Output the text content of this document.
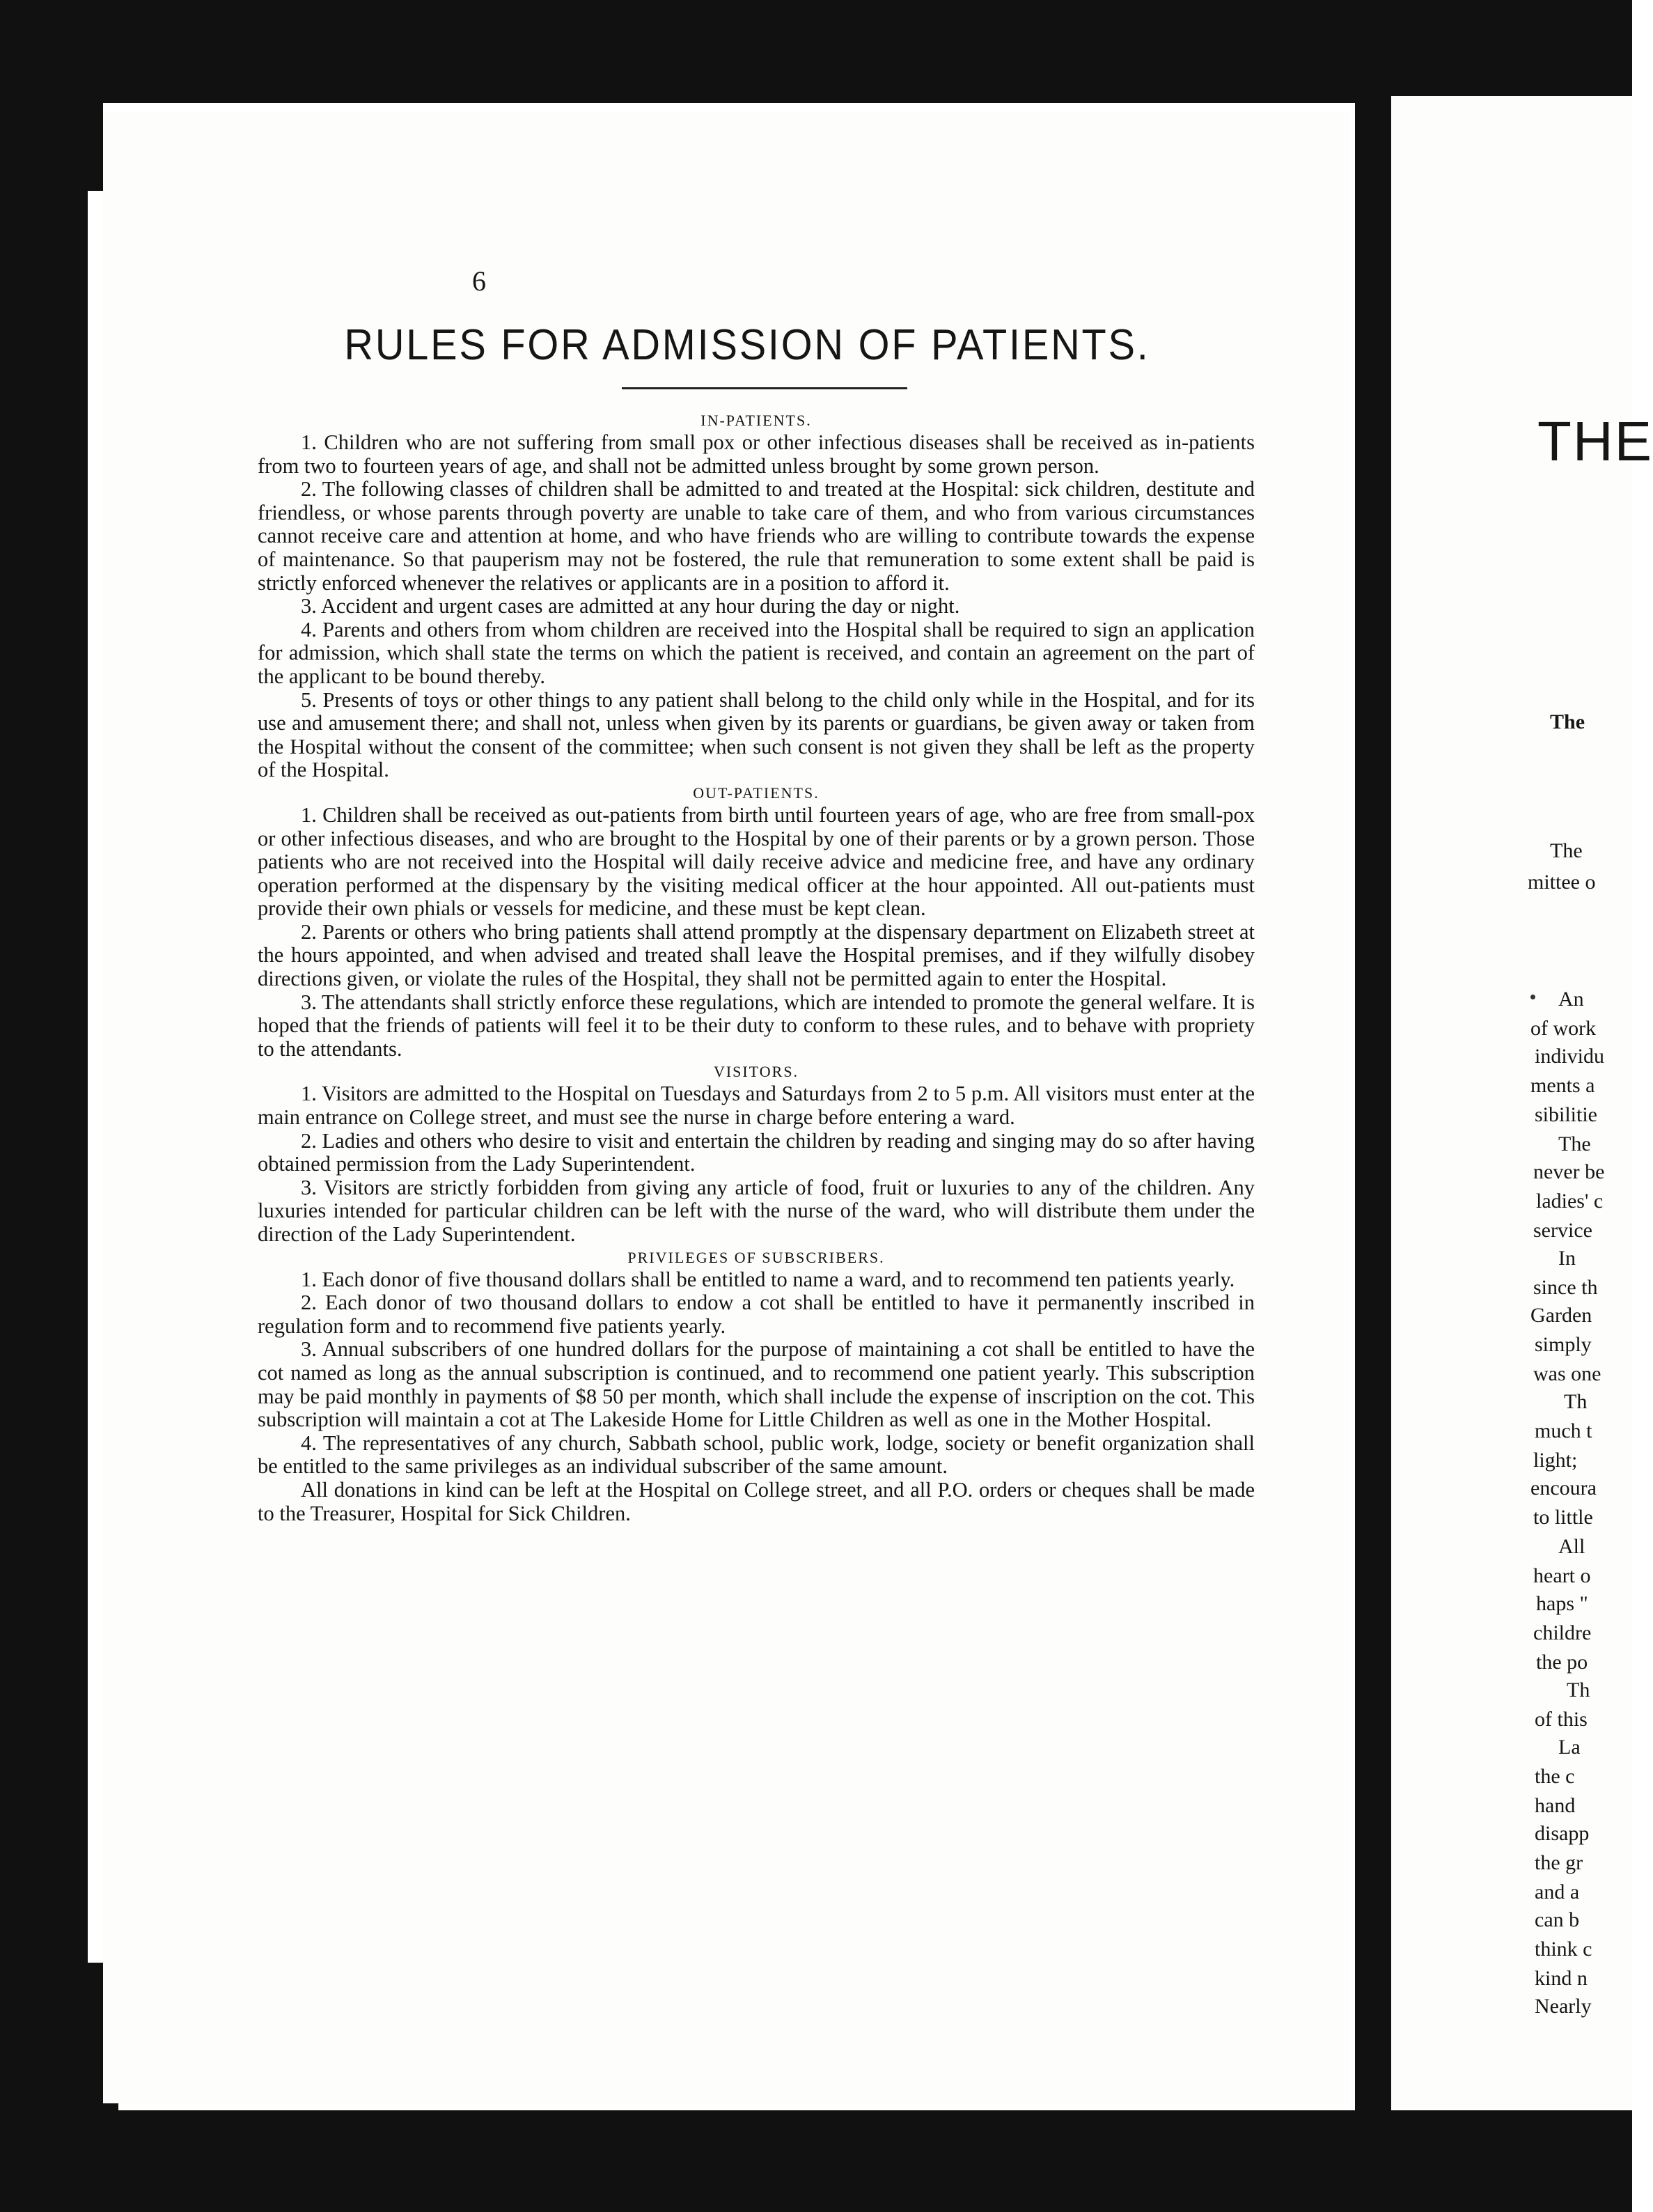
6
RULES FOR ADMISSION OF PATIENTS.
IN-PATIENTS.

1. Children who are not suffering from small pox or other infectious diseases shall be received as in-patients from two to fourteen years of age, and shall not be admitted unless brought by some grown person.

2. The following classes of children shall be admitted to and treated at the Hospital: sick children, destitute and friendless, or whose parents through poverty are unable to take care of them, and who from various circumstances cannot receive care and attention at home, and who have friends who are willing to contribute towards the expense of maintenance. So that pauperism may not be fostered, the rule that remuneration to some extent shall be paid is strictly enforced whenever the relatives or applicants are in a position to afford it.

3. Accident and urgent cases are admitted at any hour during the day or night.

4. Parents and others from whom children are received into the Hospital shall be required to sign an application for admission, which shall state the terms on which the patient is received, and contain an agreement on the part of the applicant to be bound thereby.

5. Presents of toys or other things to any patient shall belong to the child only while in the Hospital, and for its use and amusement there; and shall not, unless when given by its parents or guardians, be given away or taken from the Hospital without the consent of the committee; when such consent is not given they shall be left as the property of the Hospital.

OUT-PATIENTS.

1. Children shall be received as out-patients from birth until fourteen years of age, who are free from small-pox or other infectious diseases, and who are brought to the Hospital by one of their parents or by a grown person. Those patients who are not received into the Hospital will daily receive advice and medicine free, and have any ordinary operation performed at the dispensary by the visiting medical officer at the hour appointed. All out-patients must provide their own phials or vessels for medicine, and these must be kept clean.

2. Parents or others who bring patients shall attend promptly at the dispensary department on Elizabeth street at the hours appointed, and when advised and treated shall leave the Hospital premises, and if they wilfully disobey directions given, or violate the rules of the Hospital, they shall not be permitted again to enter the Hospital.

3. The attendants shall strictly enforce these regulations, which are intended to promote the general welfare. It is hoped that the friends of patients will feel it to be their duty to conform to these rules, and to behave with propriety to the attendants.

VISITORS.

1. Visitors are admitted to the Hospital on Tuesdays and Saturdays from 2 to 5 p.m. All visitors must enter at the main entrance on College street, and must see the nurse in charge before entering a ward.

2. Ladies and others who desire to visit and entertain the children by reading and singing may do so after having obtained permission from the Lady Superintendent.

3. Visitors are strictly forbidden from giving any article of food, fruit or luxuries to any of the children. Any luxuries intended for particular children can be left with the nurse of the ward, who will distribute them under the direction of the Lady Superintendent.

PRIVILEGES OF SUBSCRIBERS.

1. Each donor of five thousand dollars shall be entitled to name a ward, and to recommend ten patients yearly.

2. Each donor of two thousand dollars to endow a cot shall be entitled to have it permanently inscribed in regulation form and to recommend five patients yearly.

3. Annual subscribers of one hundred dollars for the purpose of maintaining a cot shall be entitled to have the cot named as long as the annual subscription is continued, and to recommend one patient yearly. This subscription may be paid monthly in payments of $8 50 per month, which shall include the expense of inscription on the cot. This subscription will maintain a cot at The Lakeside Home for Little Children as well as one in the Mother Hospital.

4. The representatives of any church, Sabbath school, public work, lodge, society or benefit organization shall be entitled to the same privileges as an individual subscriber of the same amount.

All donations in kind can be left at the Hospital on College street, and all P.O. orders or cheques shall be made to the Treasurer, Hospital for Sick Children.

THE
The
The
mittee o
An
of work
individu
ments a
sibilitie
The
never be
ladies' c
service
In
since th
Garden
simply
was one
Th
much t
light;
encoura
to little
All
heart o
haps "
childre
the po
Th
of this
La
the c
hand
disapp
the gr
and a
can b
think c
kind n
Nearly
